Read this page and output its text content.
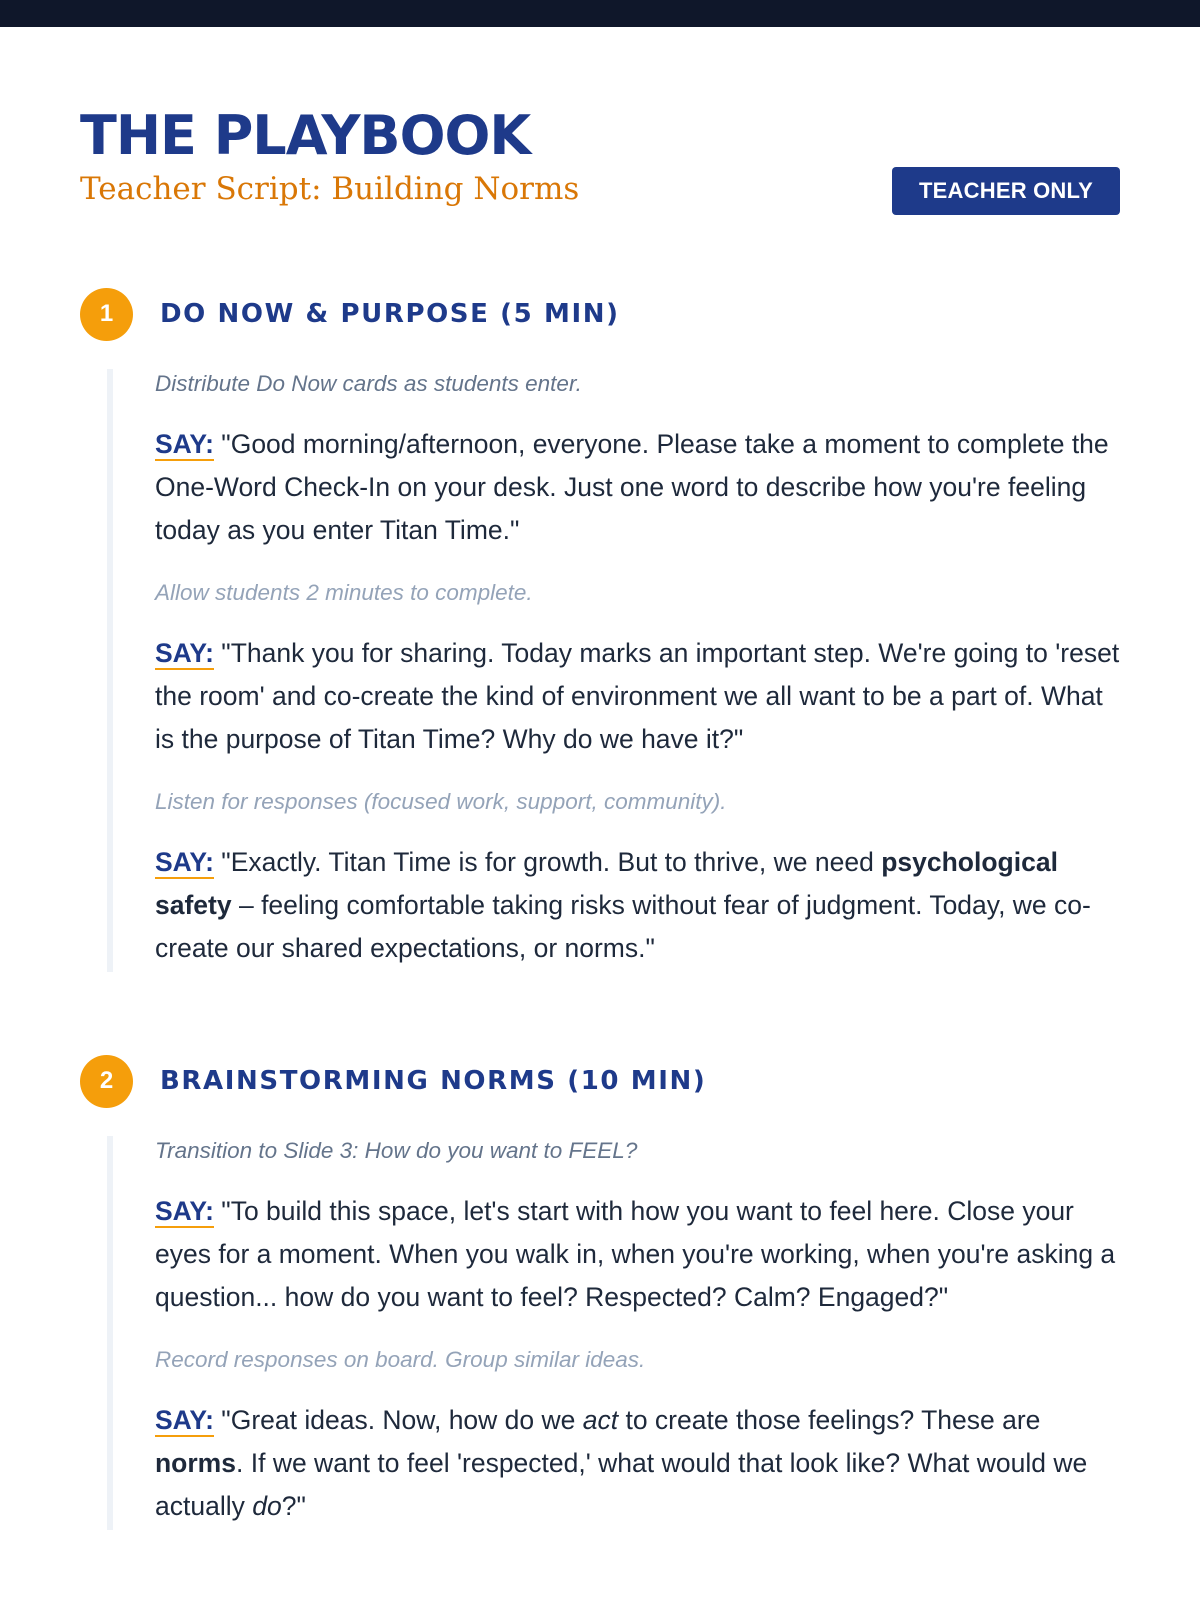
THE PLAYBOOK
Teacher Script: Building Norms	TEACHER ONLY
1	DO NOW & PURPOSE (5 MIN)

Distribute Do Now cards as students enter.

SAY: "Good morning/afternoon, everyone. Please take a moment to complete the One-Word Check-In on your desk. Just one word to describe how you're feeling today as you enter Titan Time."

Allow students 2 minutes to complete.

SAY: "Thank you for sharing. Today marks an important step. We're going to 'reset the room' and co-create the kind of environment we all want to be a part of. What is the purpose of Titan Time? Why do we have it?"

Listen for responses (focused work, support, community).

SAY: "Exactly. Titan Time is for growth. But to thrive, we need psychological safety – feeling comfortable taking risks without fear of judgment. Today, we co-create our shared expectations, or norms."

2	BRAINSTORMING NORMS (10 MIN)

Transition to Slide 3: How do you want to FEEL?

SAY: "To build this space, let's start with how you want to feel here. Close your eyes for a moment. When you walk in, when you're working, when you're asking a question... how do you want to feel? Respected? Calm? Engaged?"

Record responses on board. Group similar ideas.

SAY: "Great ideas. Now, how do we act to create those feelings? These are norms. If we want to feel 'respected,' what would that look like? What would we actually do?"
